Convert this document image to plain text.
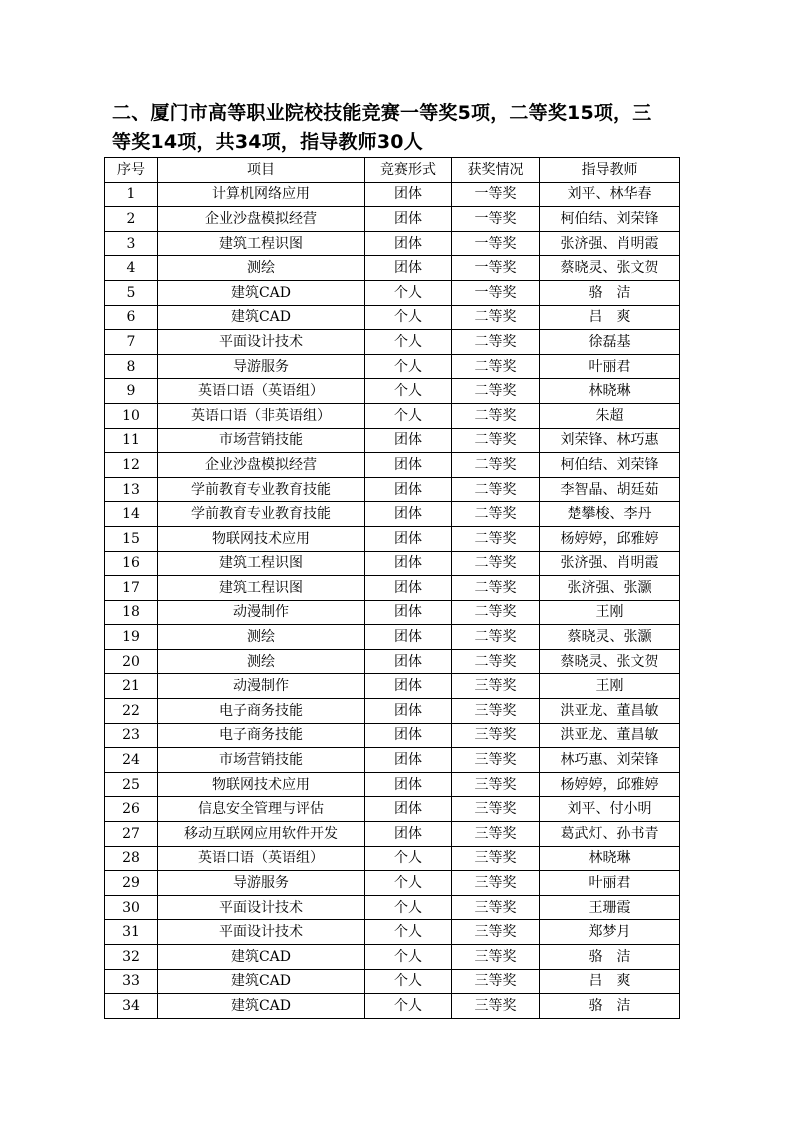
二、厦门市高等职业院校技能竞赛一等奖5项，二等奖15项，三
等奖14项，共34项，指导教师30人
序号	项目	竞赛形式	获奖情况	指导教师
1	计算机网络应用	团体	一等奖	刘平、林华春
2	企业沙盘模拟经营	团体	一等奖	柯伯结、刘荣锋
3	建筑工程识图	团体	一等奖	张济强、肖明霞
4	测绘	团体	一等奖	蔡晓灵、张文贺
5	建筑CAD	个人	一等奖	骆　洁
6	建筑CAD	个人	二等奖	吕　爽
7	平面设计技术	个人	二等奖	徐磊基
8	导游服务	个人	二等奖	叶丽君
9	英语口语（英语组）	个人	二等奖	林晓琳
10	英语口语（非英语组）	个人	二等奖	朱超
11	市场营销技能	团体	二等奖	刘荣锋、林巧惠
12	企业沙盘模拟经营	团体	二等奖	柯伯结、刘荣锋
13	学前教育专业教育技能	团体	二等奖	李智晶、胡廷茹
14	学前教育专业教育技能	团体	二等奖	楚攀梭、李丹
15	物联网技术应用	团体	二等奖	杨婷婷，邱雅婷
16	建筑工程识图	团体	二等奖	张济强、肖明霞
17	建筑工程识图	团体	二等奖	张济强、张灏
18	动漫制作	团体	二等奖	王刚
19	测绘	团体	二等奖	蔡晓灵、张灏
20	测绘	团体	二等奖	蔡晓灵、张文贺
21	动漫制作	团体	三等奖	王刚
22	电子商务技能	团体	三等奖	洪亚龙、董昌敏
23	电子商务技能	团体	三等奖	洪亚龙、董昌敏
24	市场营销技能	团体	三等奖	林巧惠、刘荣锋
25	物联网技术应用	团体	三等奖	杨婷婷，邱雅婷
26	信息安全管理与评估	团体	三等奖	刘平、付小明
27	移动互联网应用软件开发	团体	三等奖	葛武灯、孙书青
28	英语口语（英语组）	个人	三等奖	林晓琳
29	导游服务	个人	三等奖	叶丽君
30	平面设计技术	个人	三等奖	王珊霞
31	平面设计技术	个人	三等奖	郑梦月
32	建筑CAD	个人	三等奖	骆　洁
33	建筑CAD	个人	三等奖	吕　爽
34	建筑CAD	个人	三等奖	骆　洁
